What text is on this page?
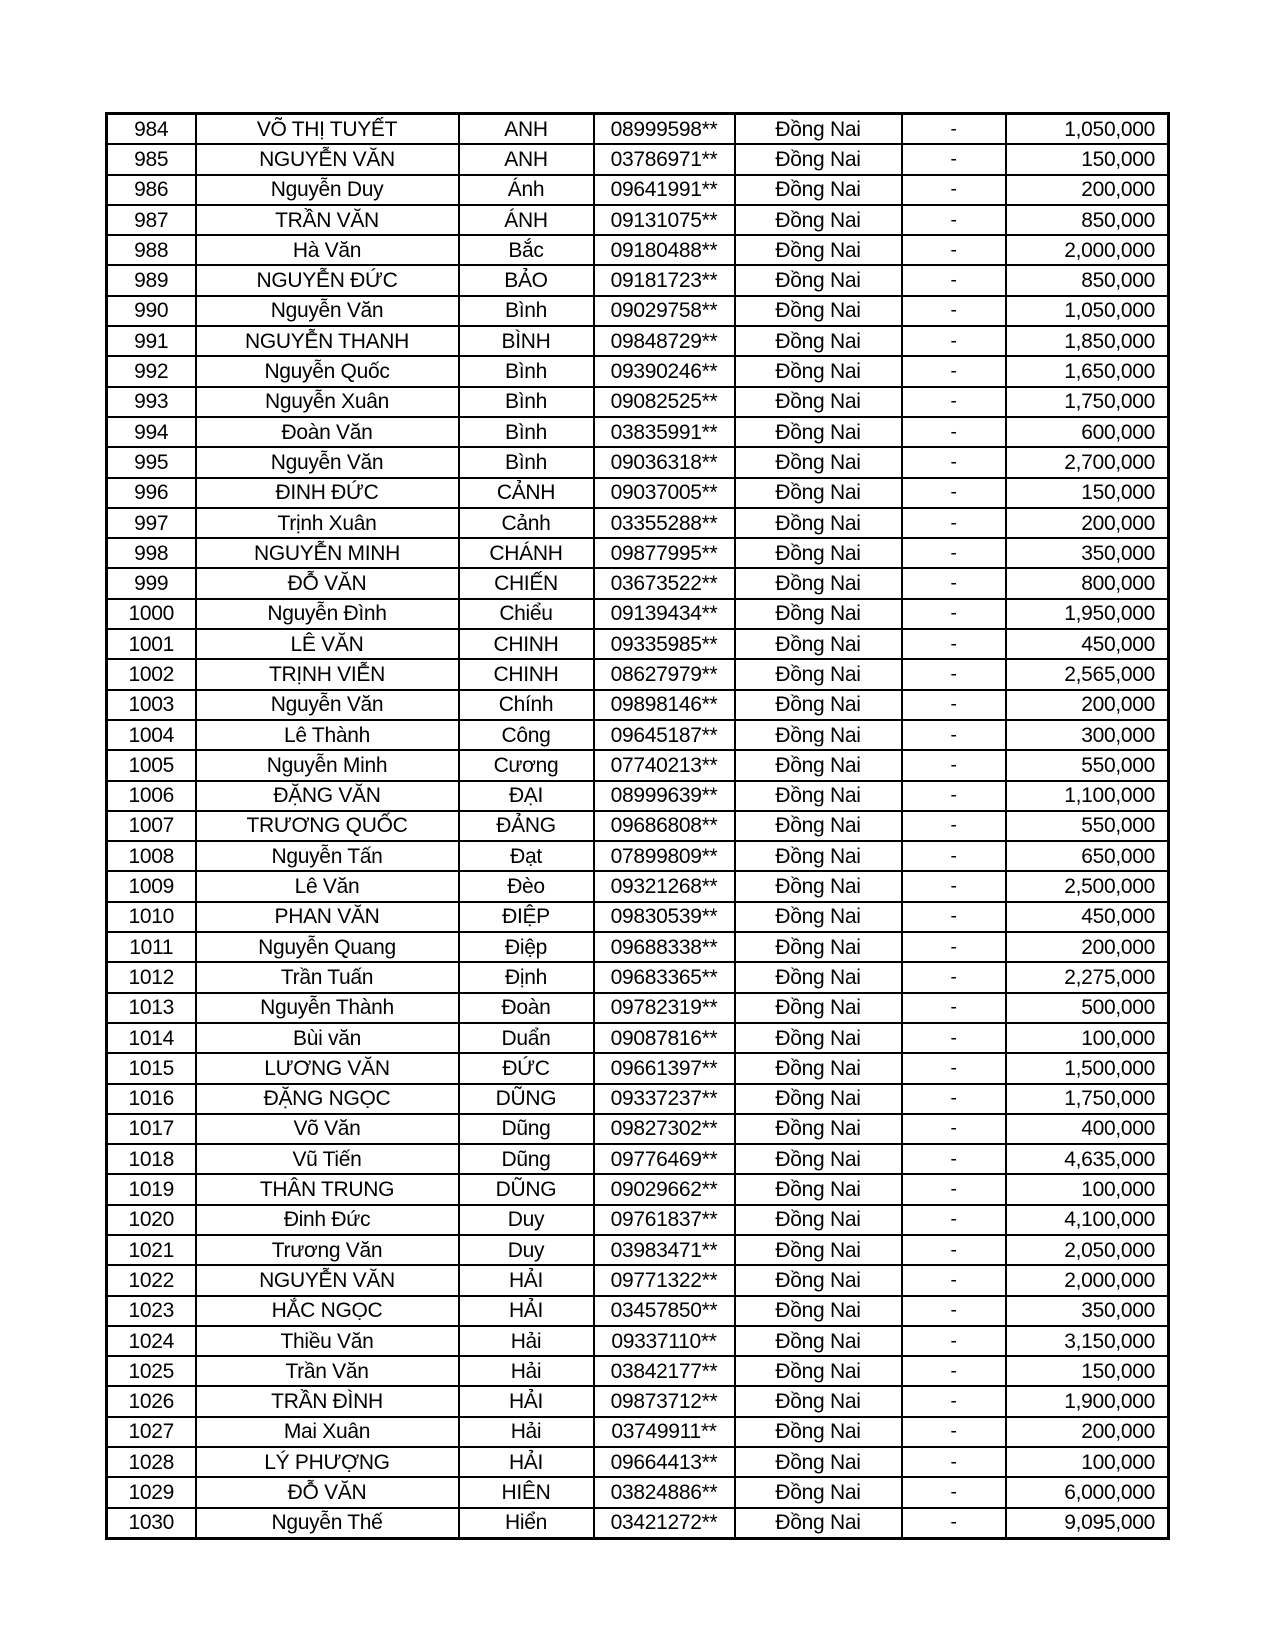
984	VÕ THỊ TUYẾT	ANH	08999598**	Đồng Nai	-	1,050,000
985	NGUYỄN VĂN	ANH	03786971**	Đồng Nai	-	150,000
986	Nguyễn Duy	Ánh	09641991**	Đồng Nai	-	200,000
987	TRẦN VĂN	ÁNH	09131075**	Đồng Nai	-	850,000
988	Hà Văn	Bắc	09180488**	Đồng Nai	-	2,000,000
989	NGUYỄN ĐỨC	BẢO	09181723**	Đồng Nai	-	850,000
990	Nguyễn Văn	Bình	09029758**	Đồng Nai	-	1,050,000
991	NGUYỄN THANH	BÌNH	09848729**	Đồng Nai	-	1,850,000
992	Nguyễn Quốc	Bình	09390246**	Đồng Nai	-	1,650,000
993	Nguyễn Xuân	Bình	09082525**	Đồng Nai	-	1,750,000
994	Đoàn Văn	Bình	03835991**	Đồng Nai	-	600,000
995	Nguyễn Văn	Bình	09036318**	Đồng Nai	-	2,700,000
996	ĐINH ĐỨC	CẢNH	09037005**	Đồng Nai	-	150,000
997	Trịnh Xuân	Cảnh	03355288**	Đồng Nai	-	200,000
998	NGUYỄN MINH	CHÁNH	09877995**	Đồng Nai	-	350,000
999	ĐỖ VĂN	CHIẾN	03673522**	Đồng Nai	-	800,000
1000	Nguyễn Đình	Chiểu	09139434**	Đồng Nai	-	1,950,000
1001	LÊ VĂN	CHINH	09335985**	Đồng Nai	-	450,000
1002	TRỊNH VIỄN	CHINH	08627979**	Đồng Nai	-	2,565,000
1003	Nguyễn Văn	Chính	09898146**	Đồng Nai	-	200,000
1004	Lê Thành	Công	09645187**	Đồng Nai	-	300,000
1005	Nguyễn Minh	Cương	07740213**	Đồng Nai	-	550,000
1006	ĐẶNG VĂN	ĐẠI	08999639**	Đồng Nai	-	1,100,000
1007	TRƯƠNG QUỐC	ĐẢNG	09686808**	Đồng Nai	-	550,000
1008	Nguyễn Tấn	Đạt	07899809**	Đồng Nai	-	650,000
1009	Lê Văn	Đèo	09321268**	Đồng Nai	-	2,500,000
1010	PHAN VĂN	ĐIỆP	09830539**	Đồng Nai	-	450,000
1011	Nguyễn Quang	Điệp	09688338**	Đồng Nai	-	200,000
1012	Trần Tuấn	Định	09683365**	Đồng Nai	-	2,275,000
1013	Nguyễn Thành	Đoàn	09782319**	Đồng Nai	-	500,000
1014	Bùi văn	Duẩn	09087816**	Đồng Nai	-	100,000
1015	LƯƠNG VĂN	ĐỨC	09661397**	Đồng Nai	-	1,500,000
1016	ĐẶNG NGỌC	DŨNG	09337237**	Đồng Nai	-	1,750,000
1017	Võ Văn	Dũng	09827302**	Đồng Nai	-	400,000
1018	Vũ Tiến	Dũng	09776469**	Đồng Nai	-	4,635,000
1019	THÂN TRUNG	DŨNG	09029662**	Đồng Nai	-	100,000
1020	Đinh Đức	Duy	09761837**	Đồng Nai	-	4,100,000
1021	Trương Văn	Duy	03983471**	Đồng Nai	-	2,050,000
1022	NGUYỄN VĂN	HẢI	09771322**	Đồng Nai	-	2,000,000
1023	HẮC NGỌC	HẢI	03457850**	Đồng Nai	-	350,000
1024	Thiều Văn	Hải	09337110**	Đồng Nai	-	3,150,000
1025	Trần Văn	Hải	03842177**	Đồng Nai	-	150,000
1026	TRẦN ĐÌNH	HẢI	09873712**	Đồng Nai	-	1,900,000
1027	Mai Xuân	Hải	03749911**	Đồng Nai	-	200,000
1028	LÝ PHƯỢNG	HẢI	09664413**	Đồng Nai	-	100,000
1029	ĐỖ VĂN	HIÊN	03824886**	Đồng Nai	-	6,000,000
1030	Nguyễn Thế	Hiển	03421272**	Đồng Nai	-	9,095,000
